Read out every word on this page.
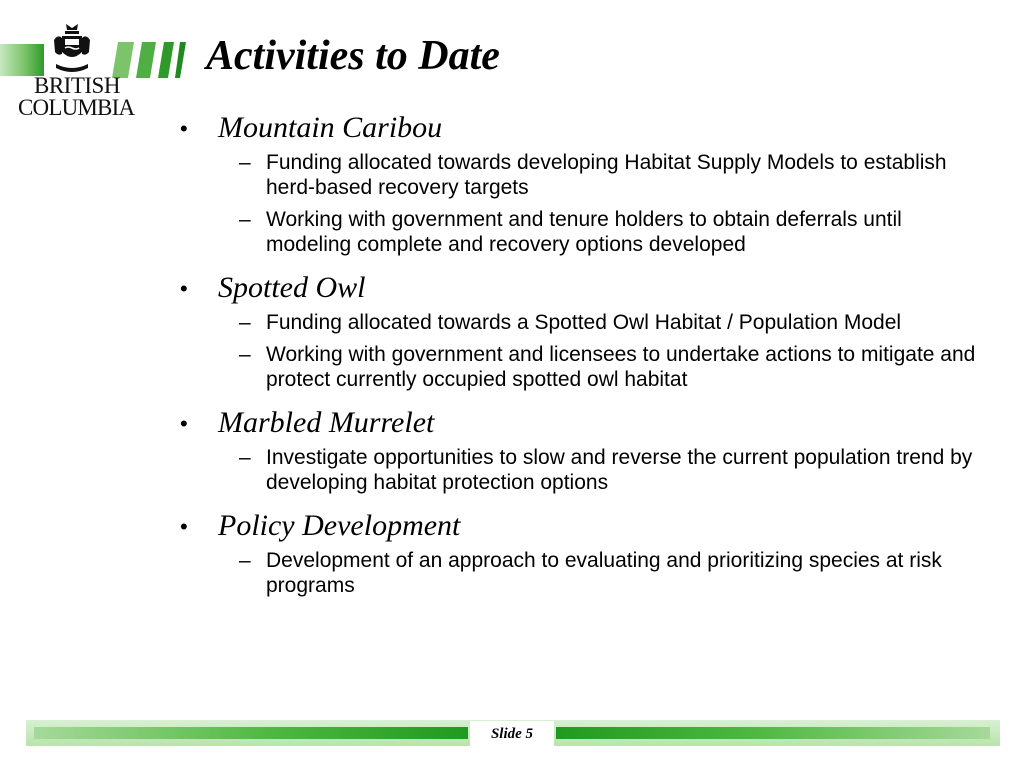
BRITISH
COLUMBIA
Activities to Date
• Mountain Caribou
– Funding allocated towards developing Habitat Supply Models to establish herd-based recovery targets
– Working with government and tenure holders to obtain deferrals until modeling complete and recovery options developed
• Spotted Owl
– Funding allocated towards a Spotted Owl Habitat / Population Model
– Working with government and licensees to undertake actions to mitigate and protect currently occupied spotted owl habitat
• Marbled Murrelet
– Investigate opportunities to slow and reverse the current population trend by developing habitat protection options
• Policy Development
– Development of an approach to evaluating and prioritizing species at risk programs
Slide 5
